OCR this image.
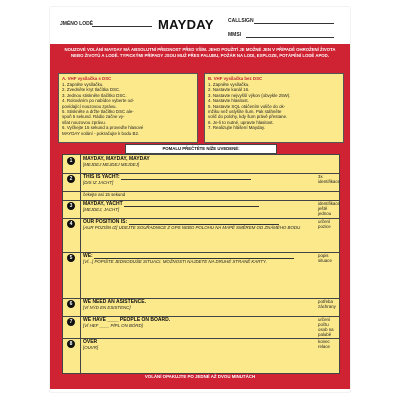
JMÉNO LODĚ	MAYDAY	CALLSIGN
MMSI
NOUZOVÉ VOLÁNÍ MAYDAY MÁ ABSOLUTNÍ PŘEDNOST PŘED VŠÍM. JEHO POUŽITÍ JE MOŽNÉ JEN V PŘÍPADĚ OHROŽENÍ ŽIVOTA NEBO ŽIVOTŮ A LODĚ. TYPICKÝMI PŘÍPADY JSOU MUŽ PŘES PALUBU, POŽÁR NA LODI, EXPLOZE, POTÁPĚNÍ LODĚ APOD.
A. VHF vysílačka s DSC
1. Zapněte vysílačku.
2. Zvedněte kryt tlačítka DSC.
3. Jednou stiskněte tlačítko DSC.
4. Rolováním po nabídce vyberte od-
povídající nouzovou zprávu.
5. Stiskněte a držte tlačítko DSC ale-
spoň 5 sekund. Rádio začne vy-
sílat nouzovou zprávu.
6. Vyčkejte 15 sekund a proveďte hlasové
MAYDAY volání - pokračujte k bodu B2.
B. VHF vysílačka bez DSC
1. Zapněte vysílačku.
2. Nastavte kanál 16.
3. Nastavte nejvyšší výkon (obvykle 25W).
4. Nastavte hlasitost.
5. Nastavte SQL otáčením voliče do ok-
mžiku než uslyšíte šum. Pak stáhněte
volič do polohy, kdy šum právě přestane.
6. Je-li to nutné, upravte hlasitost.
7. Realizujte hlášení Mayday.
POMALU PŘEČTĚTE NÍŽE UVEDENÉ:
1	MAYDAY, MAYDAY, MAYDAY
[MEJDEJ MEJDEJ MEJDEJ]
2	THIS IS YACHT:
[DIS IZ JACHT]
3x identifikace
čekejte asi 15 sekund
3	MAYDAY, YACHT
[MEJDEJ, JACHT]
identifikace ještě jednou
4	OUR POSITION IS:
[AUR POZIŠN IZ] UDEJTE SOUŘADNICE Z GPS NEBO POLOHU NA MAPĚ SMĚREM OD ZNÁMÉHO BODU
určení pozice
5	WE:
[VÍ...] POPIŠTE JEDNODUŠE SITUACI. MOŽNOSTI NAJDETE NA DRUHÉ STRANĚ KARTY.
popis situace
6	WE NEED AN ASISTENCE.
[VÍ NÝD EN ESISTENC]
potřeba záchrany
7	WE HAVE ____ PEOPLE ON BOARD.
[VÍ HEF ____ PÍPL ON BÓRD]
určení počtu osob na palubě
8	OVER
[OUVR]
konec relace
VOLÁNÍ OPAKUJTE PO JEDNÉ AŽ DVOU MINUTÁCH
